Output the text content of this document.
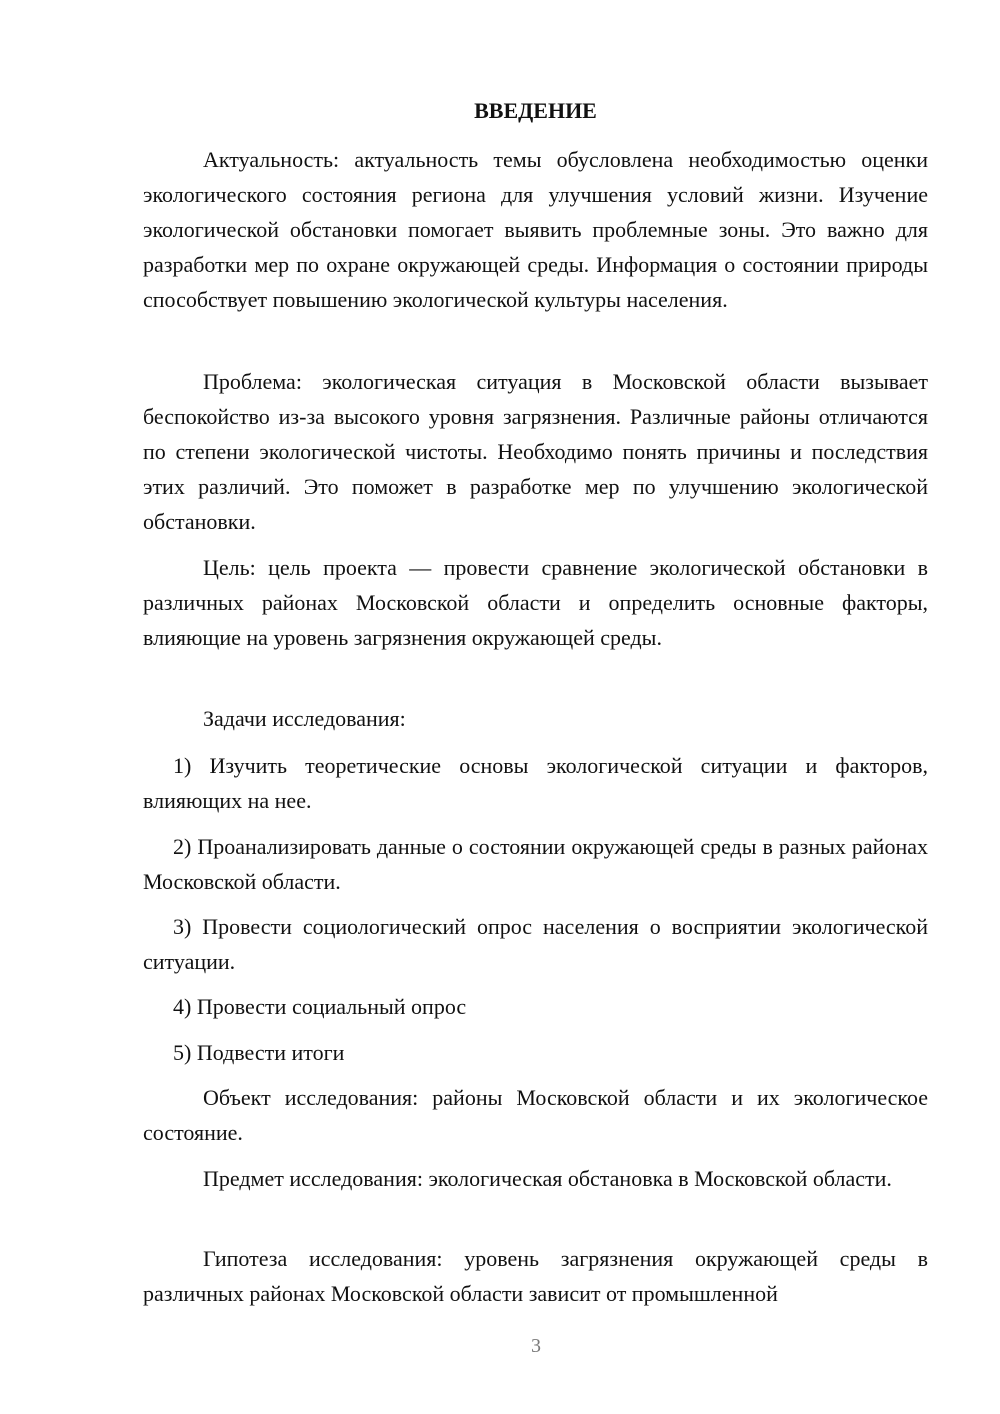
ВВЕДЕНИЕ

Актуальность: актуальность темы обусловлена необходимостью оценки экологического состояния региона для улучшения условий жизни. Изучение экологической обстановки помогает выявить проблемные зоны. Это важно для разработки мер по охране окружающей среды. Информация о состоянии природы способствует повышению экологической культуры населения.

Проблема: экологическая ситуация в Московской области вызывает беспокойство из-за высокого уровня загрязнения. Различные районы отличаются по степени экологической чистоты. Необходимо понять причины и последствия этих различий. Это поможет в разработке мер по улучшению экологической обстановки.

Цель: цель проекта — провести сравнение экологической обстановки в различных районах Московской области и определить основные факторы, влияющие на уровень загрязнения окружающей среды.

Задачи исследования:

1) Изучить теоретические основы экологической ситуации и факторов, влияющих на нее.

2) Проанализировать данные о состоянии окружающей среды в разных районах Московской области.

3) Провести социологический опрос населения о восприятии экологической ситуации.

4) Провести социальный опрос

5) Подвести итоги

Объект исследования: районы Московской области и их экологическое состояние.

Предмет исследования: экологическая обстановка в Московской области.

Гипотеза исследования: уровень загрязнения окружающей среды в различных районах Московской области зависит от промышленной

3
